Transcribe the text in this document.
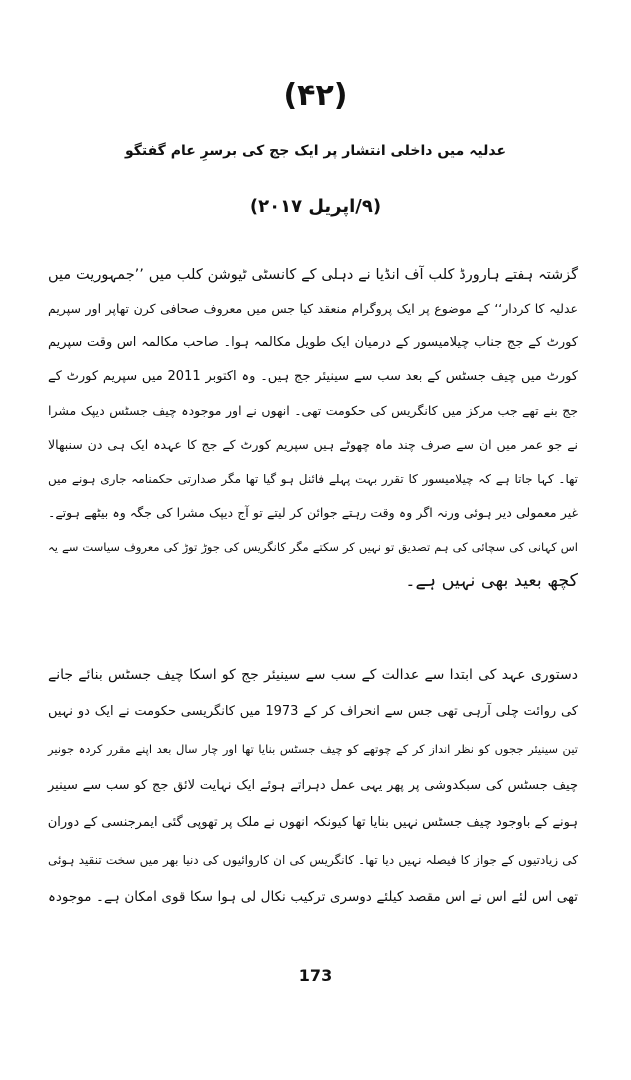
(۴۲)
عدلیہ میں داخلی انتشار پر ایک جج کی برسرِ عام گفتگو
(۹/اپریل ۲۰۱۷)
گزشتہ ہفتے ہارورڈ کلب آف انڈیا نے دہلی کے کانسٹی ٹیوشن کلب میں ’’جمہوریت میں
عدلیہ کا کردار‘‘ کے موضوع پر ایک پروگرام منعقد کیا جس میں معروف صحافی کرن تھاپر اور سپریم
کورٹ کے جج جناب چیلامیسور کے درمیان ایک طویل مکالمہ ہوا۔ صاحب مکالمہ اس وقت سپریم
کورٹ میں چیف جسٹس کے بعد سب سے سینیئر جج ہیں۔ وہ اکتوبر 2011 میں سپریم کورٹ کے
جج بنے تھے جب مرکز میں کانگریس کی حکومت تھی۔ انھوں نے اور موجودہ چیف جسٹس دیپک مشرا
نے جو عمر میں ان سے صرف چند ماہ چھوٹے ہیں سپریم کورٹ کے جج کا عہدہ ایک ہی دن سنبھالا
تھا۔ کہا جاتا ہے کہ چیلامیسور کا تقرر بہت پہلے فائنل ہو گیا تھا مگر صدارتی حکمنامہ جاری ہونے میں
غیر معمولی دیر ہوئی ورنہ اگر وہ وقت رہتے جوائن کر لیتے تو آج دیپک مشرا کی جگہ وہ بیٹھے ہوتے۔
اس کہانی کی سچائی کی ہم تصدیق تو نہیں کر سکتے مگر کانگریس کی جوڑ توڑ کی معروف سیاست سے یہ
کچھ بعید بھی نہیں ہے۔
دستوری عہد کی ابتدا سے عدالت کے سب سے سینیئر جج کو اسکا چیف جسٹس بنائے جانے
کی روائت چلی آرہی تھی جس سے انحراف کر کے 1973 میں کانگریسی حکومت نے ایک دو نہیں
تین سینیئر ججوں کو نظر انداز کر کے چوتھے کو چیف جسٹس بنایا تھا اور چار سال بعد اپنے مقرر کردہ جونیر
چیف جسٹس کی سبکدوشی پر پھر یہی عمل دہراتے ہوئے ایک نہایت لائق جج کو سب سے سینیر
ہونے کے باوجود چیف جسٹس نہیں بنایا تھا کیونکہ انھوں نے ملک پر تھوپی گئی ایمرجنسی کے دوران
کی زیادتیوں کے جواز کا فیصلہ نہیں دیا تھا۔ کانگریس کی ان کاروائیوں کی دنیا بھر میں سخت تنقید ہوئی
تھی اس لئے اس نے اس مقصد کیلئے دوسری ترکیب نکال لی ہوا سکا قوی امکان ہے۔ موجودہ
173
